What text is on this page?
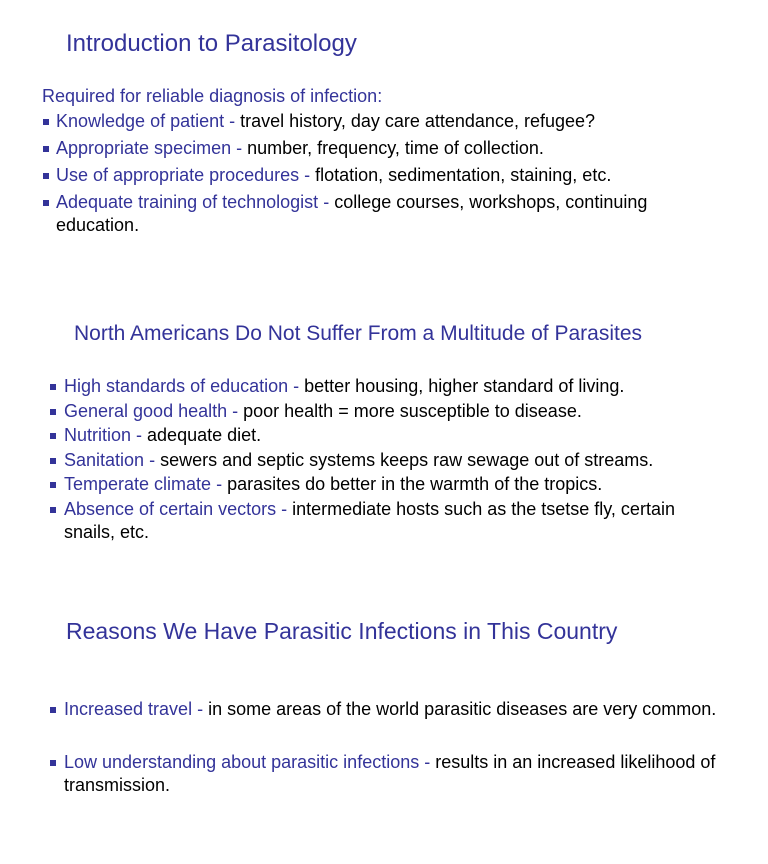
Introduction to Parasitology

Required for reliable diagnosis of infection:

Knowledge of patient - travel history, day care attendance, refugee?
Appropriate specimen - number, frequency, time of collection.
Use of appropriate procedures - flotation, sedimentation, staining, etc.
Adequate training of technologist - college courses, workshops, continuing education.
North Americans Do Not Suffer From a Multitude of Parasites
High standards of education - better housing, higher standard of living.
General good health - poor health = more susceptible to disease.
Nutrition - adequate diet.
Sanitation - sewers and septic systems keeps raw sewage out of streams.
Temperate climate - parasites do better in the warmth of the tropics.
Absence of certain vectors - intermediate hosts such as the tsetse fly, certain snails, etc.
Reasons We Have Parasitic Infections in This Country
Increased travel - in some areas of the world parasitic diseases are very common.
Low understanding about parasitic infections - results in an increased likelihood of transmission.
